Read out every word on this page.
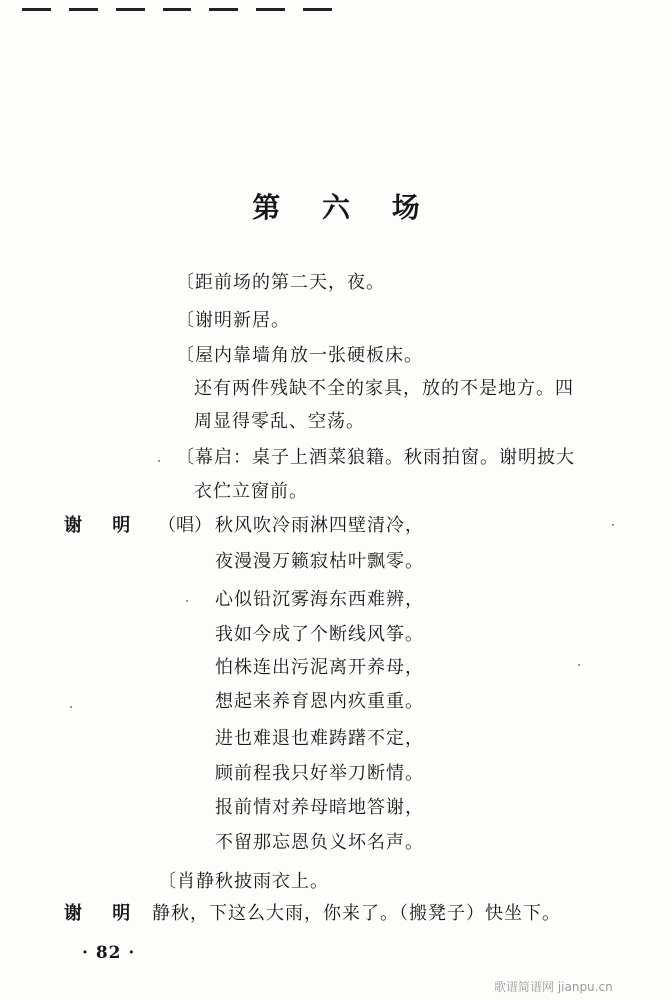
第 六 场
〔距前场的第二天，夜。
〔谢明新居。
〔屋内靠墙角放一张硬板床。
还有两件残缺不全的家具，放的不是地方。四
周显得零乱、空荡。
〔幕启：桌子上酒菜狼籍。秋雨拍窗。谢明披大
衣伫立窗前。
谢 明 （唱） 秋风吹冷雨淋四壁清冷，
夜漫漫万籁寂枯叶飘零。
心似铅沉雾海东西难辨，
我如今成了个断线风筝。
怕株连出污泥离开养母，
想起来养育恩内疚重重。
进也难退也难踌躇不定，
顾前程我只好举刀断情。
报前情对养母暗地答谢，
不留那忘恩负义坏名声。
〔肖静秋披雨衣上。
谢 明 静秋，下这么大雨，你来了。（搬凳子）快坐下。
· 82 ·
歌谱简谱网 jianpu.cn
